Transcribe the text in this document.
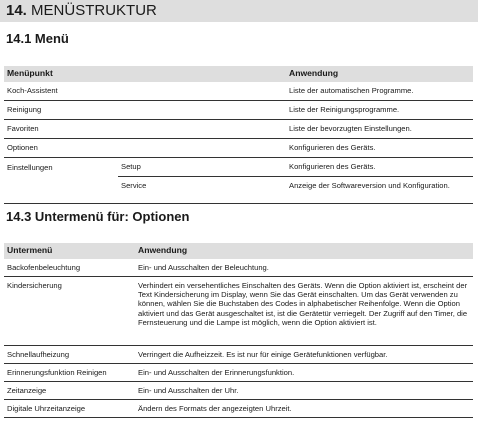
14. MENÜSTRUKTUR
14.1 Menü
Menüpunkt		Anwendung
Koch-Assistent		Liste der automatischen Programme.
Reinigung		Liste der Reinigungsprogramme.
Favoriten		Liste der bevorzugten Einstellungen.
Optionen		Konfigurieren des Geräts.
Einstellungen	Setup	Konfigurieren des Geräts.
	Service	Anzeige der Softwareversion und Konfiguration.
14.3 Untermenü für: Optionen
Untermenü	Anwendung
Backofenbeleuchtung	Ein- und Ausschalten der Beleuchtung.
Kindersicherung	Verhindert ein versehentliches Einschalten des Geräts. Wenn die Option aktiviert ist, erscheint der Text Kindersicherung im Display, wenn Sie das Gerät einschalten. Um das Gerät verwenden zu können, wählen Sie die Buchstaben des Codes in alphabetischer Reihenfolge. Wenn die Option aktiviert und das Gerät ausgeschaltet ist, ist die Gerätetür verriegelt. Der Zugriff auf den Timer, die Fernsteuerung und die Lampe ist möglich, wenn die Option aktiviert ist.
Schnellaufheizung	Verringert die Aufheizzeit. Es ist nur für einige Gerätefunktionen verfügbar.
Erinnerungsfunktion Reinigen	Ein- und Ausschalten der Erinnerungsfunktion.
Zeitanzeige	Ein- und Ausschalten der Uhr.
Digitale Uhrzeitanzeige	Ändern des Formats der angezeigten Uhrzeit.
